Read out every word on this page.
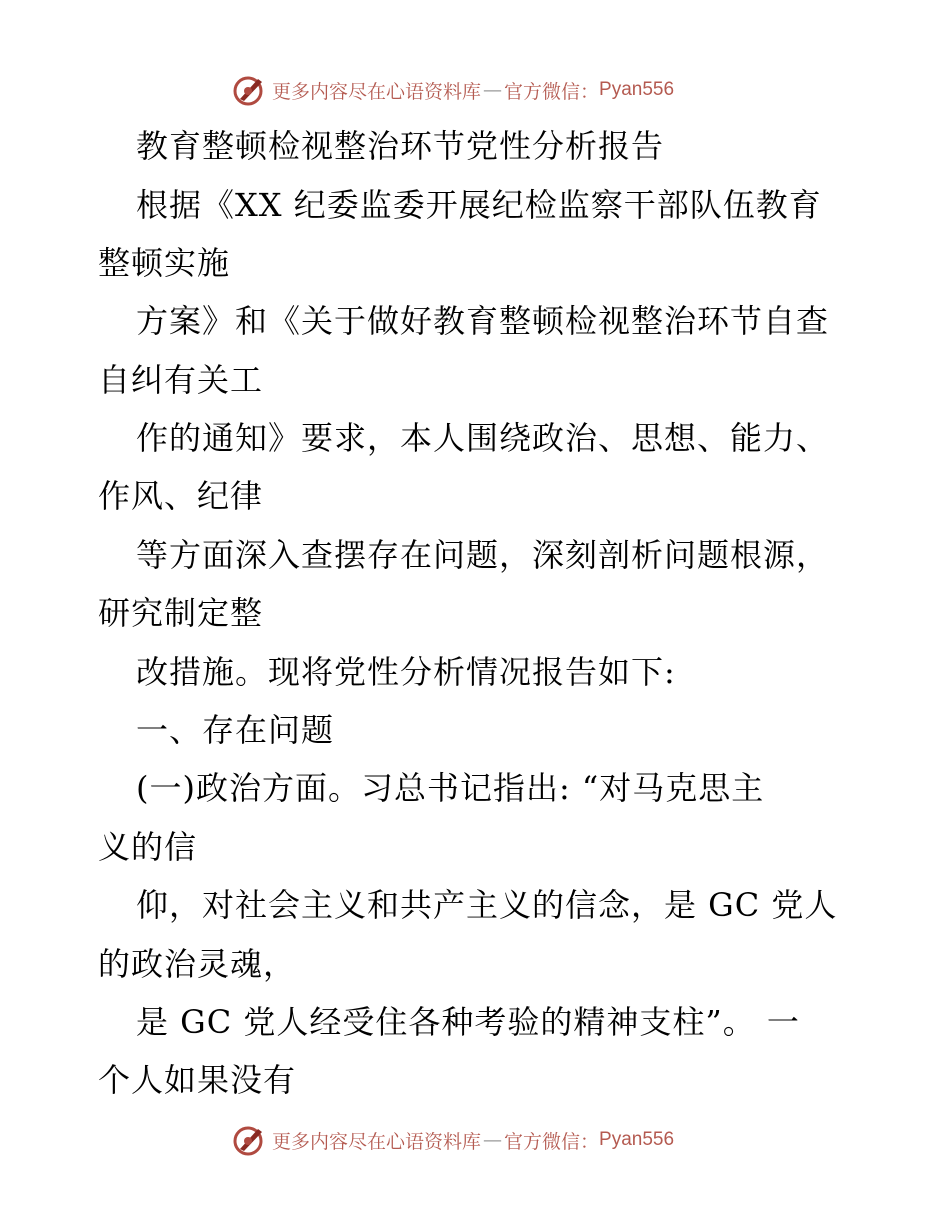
更多内容尽在心语资料库 — 官方微信： Pyan556
教育整顿检视整治环节党性分析报告
根据《XX 纪委监委开展纪检监察干部队伍教育
整顿实施
方案》和《关于做好教育整顿检视整治环节自查
自纠有关工
作的通知》要求，本人围绕政治、思想、能力、
作风、纪律
等方面深入查摆存在问题，深刻剖析问题根源，
研究制定整
改措施。现将党性分析情况报告如下:
一、存在问题
(一)政治方面。习总书记指出: “对马克思主
义的信
仰，对社会主义和共产主义的信念，是 GC 党人
的政治灵魂，
是 GC 党人经受住各种考验的精神支柱”。 一
个人如果没有
更多内容尽在心语资料库 — 官方微信： Pyan556
